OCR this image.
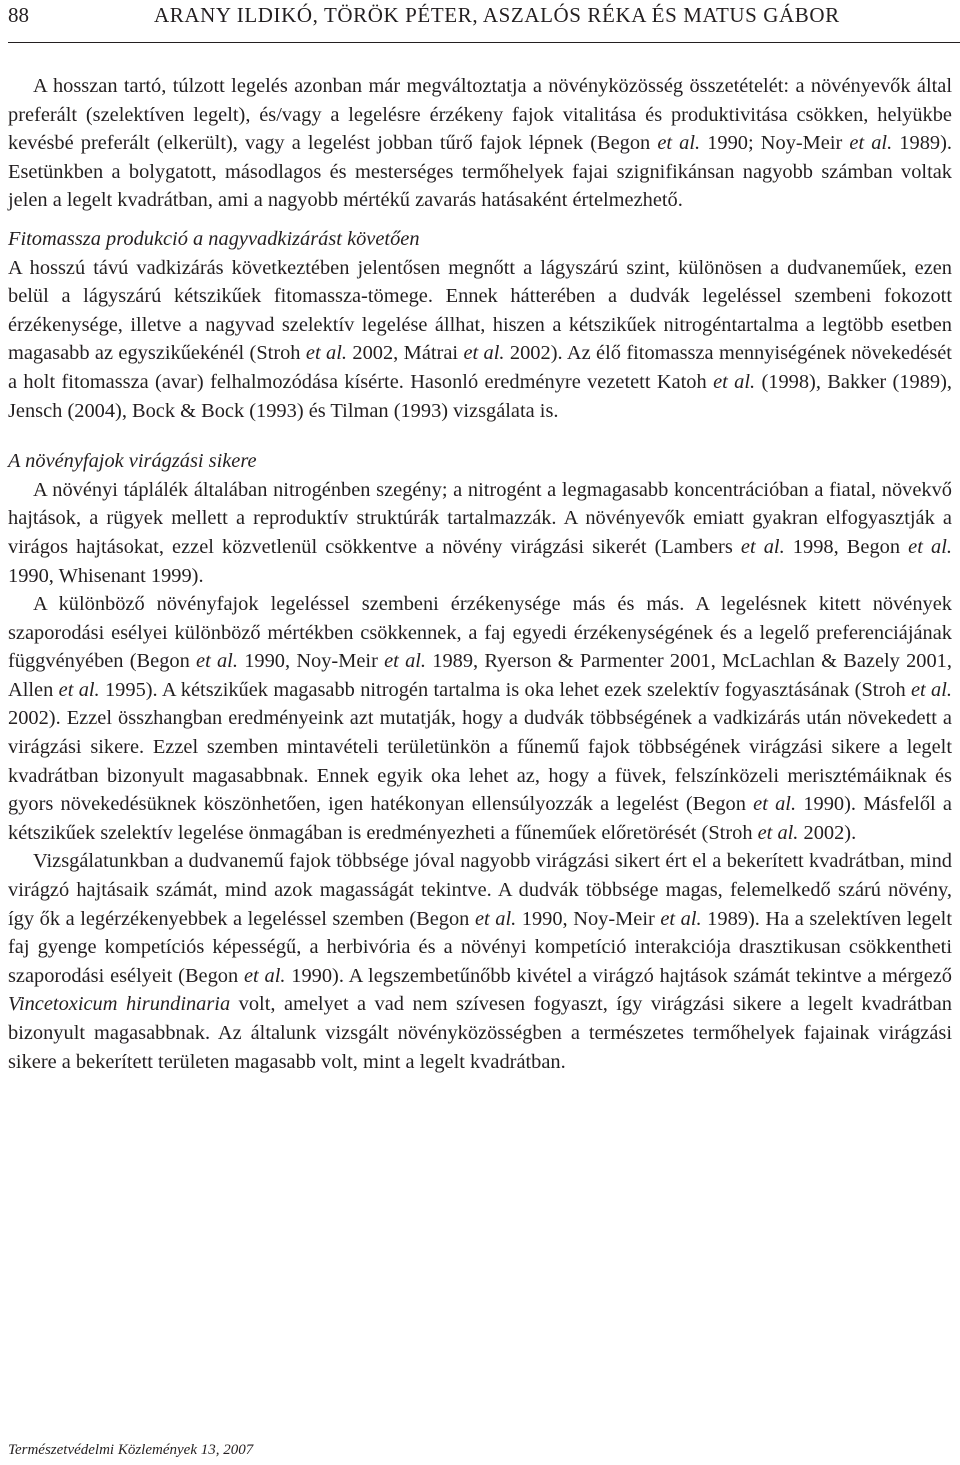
88	ARANY ILDIKÓ, TÖRÖK PÉTER, ASZALÓS RÉKA ÉS MATUS GÁBOR

A hosszan tartó, túlzott legelés azonban már megváltoztatja a növényközösség összetételét: a növényevők által preferált (szelektíven legelt), és/vagy a legelésre érzékeny fajok vitalitása és produktivitása csökken, helyükbe kevésbé preferált (elkerült), vagy a legelést jobban tűrő fajok lépnek (Begon et al. 1990; Noy-Meir et al. 1989). Esetünkben a bolygatott, másodlagos és mesterséges termőhelyek fajai szignifikánsan nagyobb számban voltak jelen a legelt kvadrátban, ami a nagyobb mértékű zavarás hatásaként értelmezhető.

Fitomassza produkció a nagyvadkizárást követően

A hosszú távú vadkizárás következtében jelentősen megnőtt a lágyszárú szint, különösen a dudvaneműek, ezen belül a lágyszárú kétszikűek fitomassza-tömege. Ennek hátterében a dudvák legeléssel szembeni fokozott érzékenysége, illetve a nagyvad szelektív legelése állhat, hiszen a kétszikűek nitrogéntartalma a legtöbb esetben magasabb az egyszikűekénél (Stroh et al. 2002, Mátrai et al. 2002). Az élő fitomassza mennyiségének növekedését a holt fitomassza (avar) felhalmozódása kísérte. Hasonló eredményre vezetett Katoh et al. (1998), Bakker (1989), Jensch (2004), Bock & Bock (1993) és Tilman (1993) vizsgálata is.

A növényfajok virágzási sikere

A növényi táplálék általában nitrogénben szegény; a nitrogént a legmagasabb koncentrációban a fiatal, növekvő hajtások, a rügyek mellett a reproduktív struktúrák tartalmazzák. A növényevők emiatt gyakran elfogyasztják a virágos hajtásokat, ezzel közvetlenül csökkentve a növény virágzási sikerét (Lambers et al. 1998, Begon et al. 1990, Whisenant 1999).

A különböző növényfajok legeléssel szembeni érzékenysége más és más. A legelésnek kitett növények szaporodási esélyei különböző mértékben csökkennek, a faj egyedi érzékenységének és a legelő preferenciájának függvényében (Begon et al. 1990, Noy-Meir et al. 1989, Ryerson & Parmenter 2001, McLachlan & Bazely 2001, Allen et al. 1995). A kétszikűek magasabb nitrogén tartalma is oka lehet ezek szelektív fogyasztásának (Stroh et al. 2002). Ezzel összhangban eredményeink azt mutatják, hogy a dudvák többségének a vadkizárás után növekedett a virágzási sikere. Ezzel szemben mintavételi területünkön a fűnemű fajok többségének virágzási sikere a legelt kvadrátban bizonyult magasabbnak. Ennek egyik oka lehet az, hogy a füvek, felszínközeli merisztémáiknak és gyors növekedésüknek köszönhetően, igen hatékonyan ellensúlyozzák a legelést (Begon et al. 1990). Másfelől a kétszikűek szelektív legelése önmagában is eredményezheti a fűneműek előretörését (Stroh et al. 2002).

Vizsgálatunkban a dudvanemű fajok többsége jóval nagyobb virágzási sikert ért el a bekerített kvadrátban, mind virágzó hajtásaik számát, mind azok magasságát tekintve. A dudvák többsége magas, felemelkedő szárú növény, így ők a legérzékenyebbek a legeléssel szemben (Begon et al. 1990, Noy-Meir et al. 1989). Ha a szelektíven legelt faj gyenge kompetíciós képességű, a herbivória és a növényi kompetíció interakciója drasztikusan csökkentheti szaporodási esélyeit (Begon et al. 1990). A legszembetűnőbb kivétel a virágzó hajtások számát tekintve a mérgező Vincetoxicum hirundinaria volt, amelyet a vad nem szívesen fogyaszt, így virágzási sikere a legelt kvadrátban bizonyult magasabbnak. Az általunk vizsgált növényközösségben a természetes termőhelyek fajainak virágzási sikere a bekerített területen magasabb volt, mint a legelt kvadrátban.

Természetvédelmi Közlemények 13, 2007
